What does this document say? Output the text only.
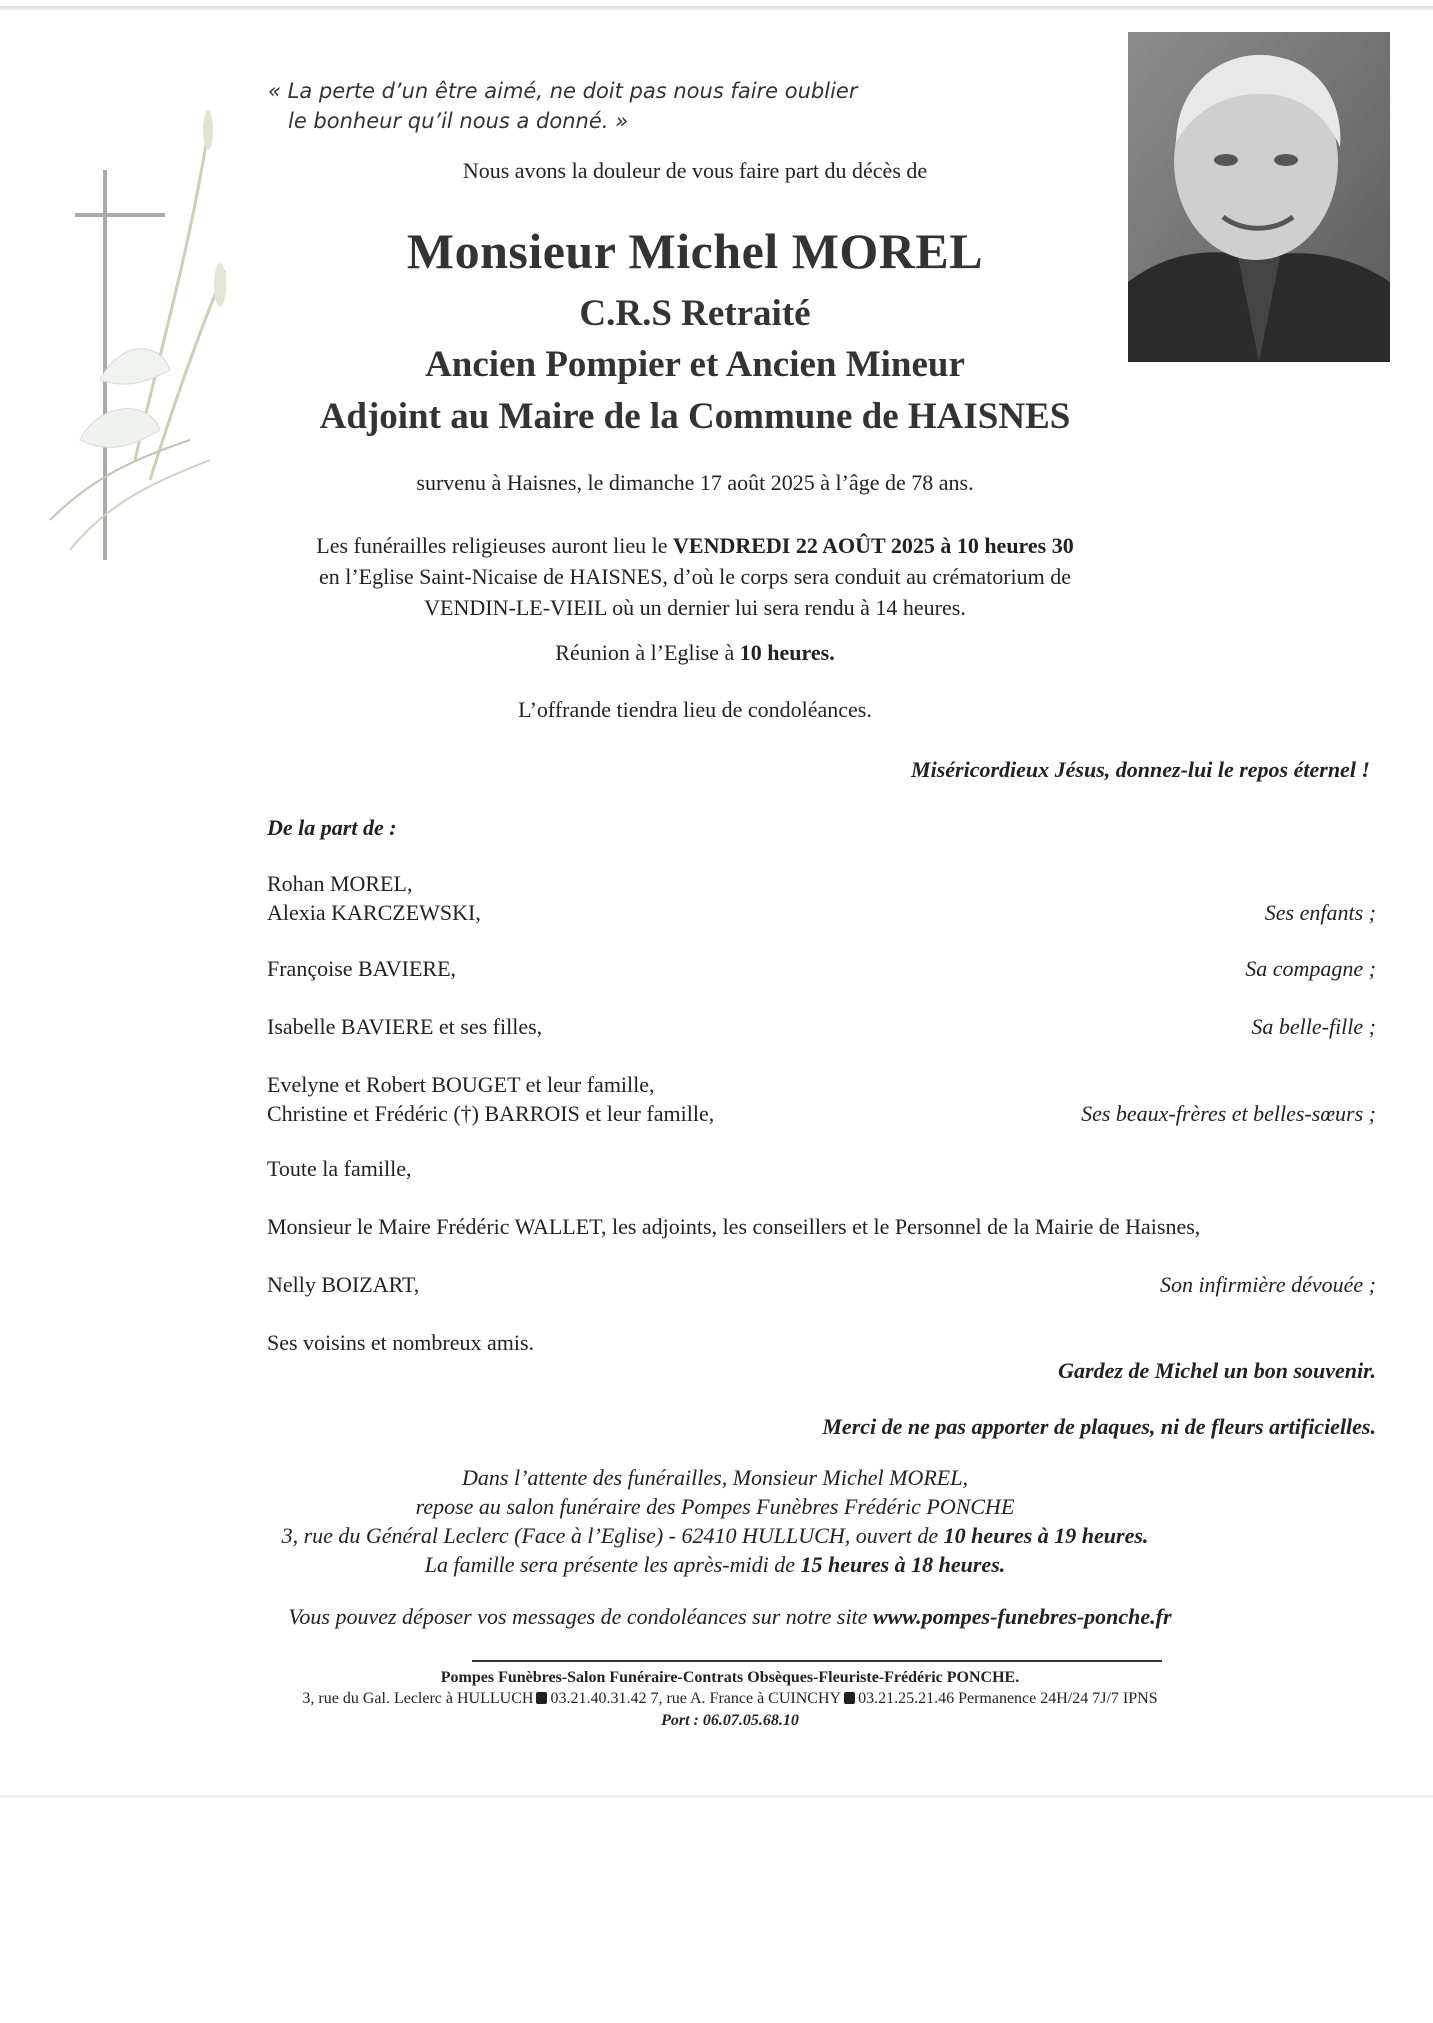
« La perte d’un être aimé, ne doit pas nous faire oublier
le bonheur qu’il nous a donné. »
Nous avons la douleur de vous faire part du décès de
Monsieur Michel MOREL
C.R.S Retraité
Ancien Pompier et Ancien Mineur
Adjoint au Maire de la Commune de HAISNES
survenu à Haisnes, le dimanche 17 août 2025 à l’âge de 78 ans.
Les funérailles religieuses auront lieu le VENDREDI 22 AOÛT 2025 à 10 heures 30
en l’Eglise Saint-Nicaise de HAISNES, d’où le corps sera conduit au crématorium de
VENDIN-LE-VIEIL où un dernier lui sera rendu à 14 heures.
Réunion à l’Eglise à 10 heures.
L’offrande tiendra lieu de condoléances.
Miséricordieux Jésus, donnez-lui le repos éternel !
De la part de :
Rohan MOREL,
Alexia KARCZEWSKI,	Ses enfants ;
Françoise BAVIERE,	Sa compagne ;
Isabelle BAVIERE et ses filles,	Sa belle-fille ;
Evelyne et Robert BOUGET et leur famille,
Christine et Frédéric (†) BARROIS et leur famille,	Ses beaux-frères et belles-sœurs ;
Toute la famille,
Monsieur le Maire Frédéric WALLET, les adjoints, les conseillers et le Personnel de la Mairie de Haisnes,
Nelly BOIZART,	Son infirmière dévouée ;
Ses voisins et nombreux amis.
Gardez de Michel un bon souvenir.
Merci de ne pas apporter de plaques, ni de fleurs artificielles.
Dans l’attente des funérailles, Monsieur Michel MOREL,
repose au salon funéraire des Pompes Funèbres Frédéric PONCHE
3, rue du Général Leclerc (Face à l’Eglise) - 62410 HULLUCH, ouvert de 10 heures à 19 heures.
La famille sera présente les après-midi de 15 heures à 18 heures.
Vous pouvez déposer vos messages de condoléances sur notre site www.pompes-funebres-ponche.fr
Pompes Funèbres-Salon Funéraire-Contrats Obsèques-Fleuriste-Frédéric PONCHE.
3, rue du Gal. Leclerc à HULLUCH 03.21.40.31.42 7, rue A. France à CUINCHY 03.21.25.21.46 Permanence 24H/24 7J/7 IPNS
Port : 06.07.05.68.10
